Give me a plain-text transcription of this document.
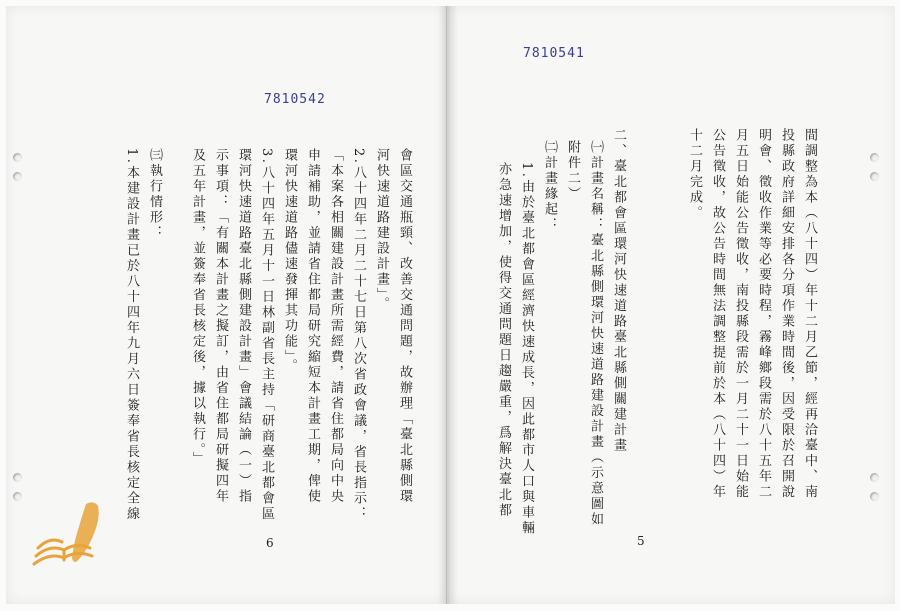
7810542
6
會區交通瓶頸、改善交通問題，故辦理「臺北縣側環
河快速道路建設計畫」。
2.八十四年二月二十七日第八次省政會議，省長指示：
「本案各相關建設計畫所需經費，請省住都局向中央
申請補助，並請省住都局研究縮短本計畫工期，俾使
環河快速道路儘速發揮其功能」。
3.八十四年五月十一日林副省長主持「研商臺北都會區
環河快速道路臺北縣側建設計畫」會議結論（一）指
示事項：「有關本計畫之擬訂，由省住都局研擬四年
及五年計畫，並簽奉省長核定後，據以執行。」
㈢執行情形：
1.本建設計畫已於八十四年九月六日簽奉省長核定全線
7810541
5
間調整為本（八十四）年十二月乙節，經再洽臺中、南
投縣政府詳細安排各分項作業時間後，因受限於召開說
明會、徵收作業等必要時程，霧峰鄉段需於八十五年二
月五日始能公告徵收，南投縣段需於一月二十一日始能
公告徵收，故公告時間無法調整提前於本（八十四）年
十二月完成。
二、臺北都會區環河快速道路臺北縣側關建計畫
㈠計畫名稱：臺北縣側環河快速道路建設計畫（示意圖如
附件二）
㈡計畫緣起：
1.由於臺北都會區經濟快速成長，因此都市人口與車輛
亦急速增加，使得交通問題日趨嚴重，爲解決臺北都
